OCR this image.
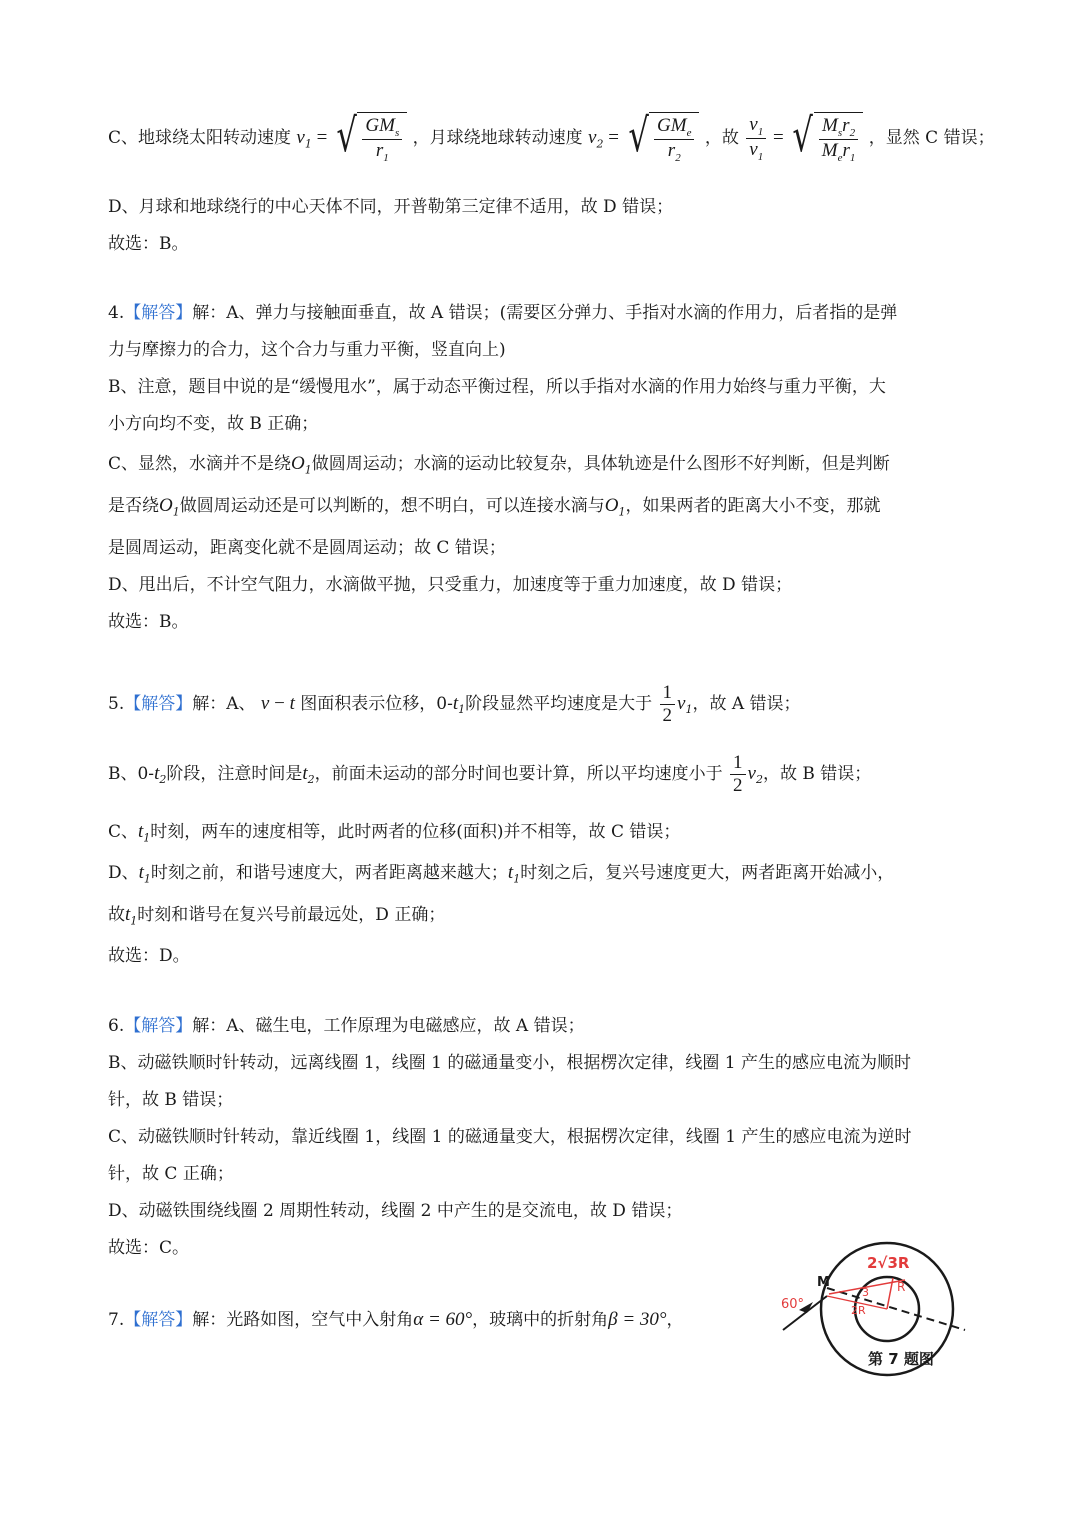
C、地球绕太阳转动速度 $v_1$ = √ $\frac{GM_s}{r_1}$ ，月球绕地球转动速度 $v_2$ = √ $\frac{GM_e}{r_2}$ ，故 $\frac{v_1}{v_1}$ = √ $\frac{M_sr_2}{M_er_1}$ ，显然 C 错误；
D、月球和地球绕行的中心天体不同，开普勒第三定律不适用，故 D 错误；
故选：B。
4.【解答】解：A、弹力与接触面垂直，故 A 错误；(需要区分弹力、手指对水滴的作用力，后者指的是弹
力与摩擦力的合力，这个合力与重力平衡，竖直向上)
B、注意，题目中说的是“缓慢甩水”，属于动态平衡过程，所以手指对水滴的作用力始终与重力平衡，大
小方向均不变，故 B 正确；
C、显然，水滴并不是绕$O_1$做圆周运动；水滴的运动比较复杂，具体轨迹是什么图形不好判断，但是判断
是否绕$O_1$做圆周运动还是可以判断的，想不明白，可以连接水滴与$O_1$，如果两者的距离大小不变，那就
是圆周运动，距离变化就不是圆周运动；故 C 错误；
D、甩出后，不计空气阻力，水滴做平抛，只受重力，加速度等于重力加速度，故 D 错误；
故选：B。
5.【解答】解：A、 v − t 图面积表示位移，$0-t_1$阶段显然平均速度是大于 $\frac{1}{2} v_1$，故 A 错误；
B、$0-t_2$阶段，注意时间是$t_2$，前面未运动的部分时间也要计算，所以平均速度小于 $\frac{1}{2} v_2$，故 B 错误；
C、$t_1$时刻，两车的速度相等，此时两者的位移(面积)并不相等，故 C 错误；
D、$t_1$时刻之前，和谐号速度大，两者距离越来越大；$t_1$时刻之后，复兴号速度更大，两者距离开始减小，
故$t_1$时刻和谐号在复兴号前最远处，D 正确；
故选：D。
6.【解答】解：A、磁生电，工作原理为电磁感应，故 A 错误；
B、动磁铁顺时针转动，远离线圈 1，线圈 1 的磁通量变小，根据楞次定律，线圈 1 产生的感应电流为顺时
针，故 B 错误；
C、动磁铁顺时针转动，靠近线圈 1，线圈 1 的磁通量变大，根据楞次定律，线圈 1 产生的感应电流为逆时
针，故 C 正确；
D、动磁铁围绕线圈 2 周期性转动，线圈 2 中产生的是交流电，故 D 错误；
故选：C。
7.【解答】解：光路如图，空气中入射角α = 60°，玻璃中的折射角β = 30°，
M
60°
2√3R
R
2R
3
第 7 题图
